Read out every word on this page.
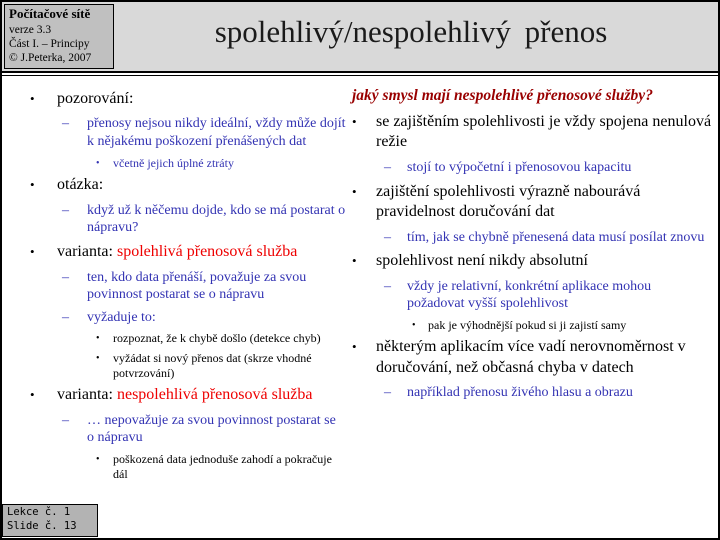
Počítačové sítě
verze 3.3
Část I. – Principy
© J.Peterka, 2007
spolehlivý/nespolehlivý přenos
•	pozorování:
–	přenosy nejsou nikdy ideální, vždy může dojít k nějakému poškození přenášených dat
•	včetně jejich úplné ztráty
•	otázka:
–	když už k něčemu dojde, kdo se má postarat o nápravu?
•	varianta: spolehlivá přenosová služba
–	ten, kdo data přenáší, považuje za svou povinnost postarat se o nápravu
–	vyžaduje to:
•	rozpoznat, že k chybě došlo (detekce chyb)
•	vyžádat si nový přenos dat (skrze vhodné potvrzování)
•	varianta: nespolehlivá přenosová služba
–	… nepovažuje za svou povinnost postarat se o nápravu
•	poškozená data jednoduše zahodí a pokračuje dál
jaký smysl mají nespolehlivé přenosové služby?
•	se zajištěním spolehlivosti je vždy spojena nenulová režie
–	stojí to výpočetní i přenosovou kapacitu
•	zajištění spolehlivosti výrazně nabourává pravidelnost doručování dat
–	tím, jak se chybně přenesená data musí posílat znovu
•	spolehlivost není nikdy absolutní
–	vždy je relativní, konkrétní aplikace mohou požadovat vyšší spolehlivost
•	pak je výhodnější pokud si ji zajistí samy
•	některým aplikacím více vadí nerovnoměrnost v doručování, než občasná chyba v datech
–	například přenosu živého hlasu a obrazu
Lekce č. 1
Slide č. 13
